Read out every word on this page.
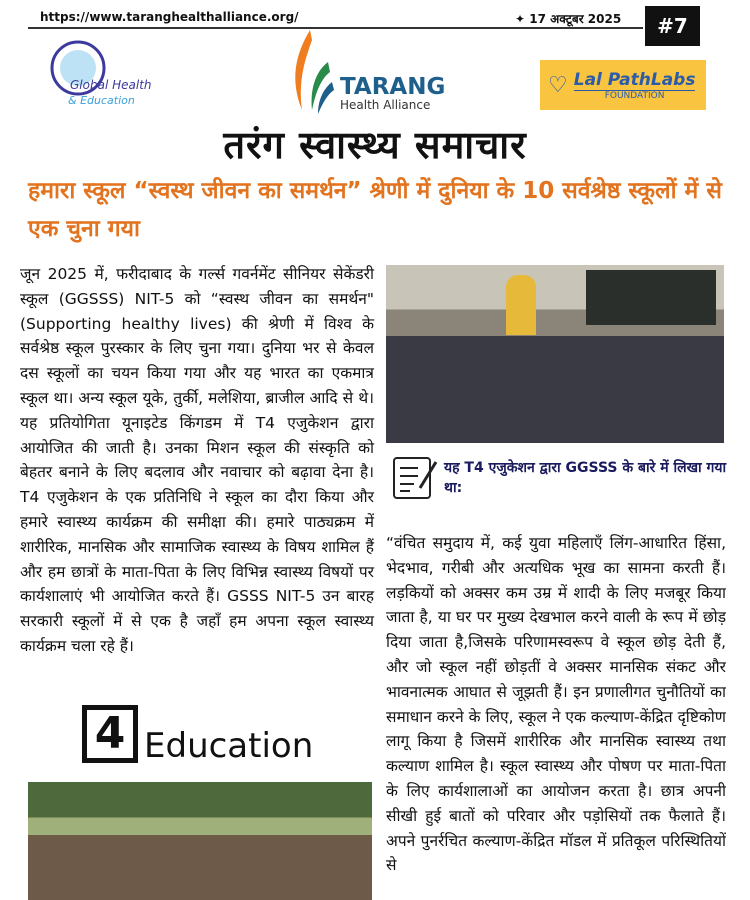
https://www.taranghealthalliance.org/	✦ 17 अक्टूबर 2025	#7
Global Health
& Education
TARANG
Health Alliance
♡ Lal PathLabs
FOUNDATION
तरंग स्वास्थ्य समाचार
हमारा स्कूल “स्वस्थ जीवन का समर्थन” श्रेणी में दुनिया के 10 सर्वश्रेष्ठ स्कूलों में से एक चुना गया
जून 2025 में, फरीदाबाद के गर्ल्स गवर्नमेंट सीनियर सेकेंडरी स्कूल (GGSSS) NIT-5 को “स्वस्थ जीवन का समर्थन" (Supporting healthy lives) की श्रेणी में विश्व के सर्वश्रेष्ठ स्कूल पुरस्कार के लिए चुना गया। दुनिया भर से केवल दस स्कूलों का चयन किया गया और यह भारत का एकमात्र स्कूल था। अन्य स्कूल यूके, तुर्की, मलेशिया, ब्राजील आदि से थे। यह प्रतियोगिता यूनाइटेड किंगडम में T4 एजुकेशन द्वारा आयोजित की जाती है। उनका मिशन स्कूल की संस्कृति को बेहतर बनाने के लिए बदलाव और नवाचार को बढ़ावा देना है। T4 एजुकेशन के एक प्रतिनिधि ने स्कूल का दौरा किया और हमारे स्वास्थ्य कार्यक्रम की समीक्षा की। हमारे पाठ्यक्रम में शारीरिक, मानसिक और सामाजिक स्वास्थ्य के विषय शामिल हैं और हम छात्रों के माता-पिता के लिए विभिन्न स्वास्थ्य विषयों पर कार्यशालाएं भी आयोजित करते हैं। GSSS NIT-5 उन बारह सरकारी स्कूलों में से एक है जहाँ हम अपना स्कूल स्वास्थ्य कार्यक्रम चला रहे हैं।
यह T4 एजुकेशन द्वारा GGSSS के बारे में लिखा गया था:
“वंचित समुदाय में, कई युवा महिलाएँ लिंग-आधारित हिंसा, भेदभाव, गरीबी और अत्यधिक भूख का सामना करती हैं। लड़कियों को अक्सर कम उम्र में शादी के लिए मजबूर किया जाता है, या घर पर मुख्य देखभाल करने वाली के रूप में छोड़ दिया जाता है,जिसके परिणामस्वरूप वे स्कूल छोड़ देती हैं, और जो स्कूल नहीं छोड़तीं वे अक्सर मानसिक संकट और भावनात्मक आघात से जूझती हैं। इन प्रणालीगत चुनौतियों का समाधान करने के लिए, स्कूल ने एक कल्याण-केंद्रित दृष्टिकोण लागू किया है जिसमें शारीरिक और मानसिक स्वास्थ्य तथा कल्याण शामिल है। स्कूल स्वास्थ्य और पोषण पर माता-पिता के लिए कार्यशालाओं का आयोजन करता है। छात्र अपनी सीखी हुई बातों को परिवार और पड़ोसियों तक फैलाते हैं। अपने पुनर्रचित कल्याण-केंद्रित मॉडल में प्रतिकूल परिस्थितियों से
4 Education
